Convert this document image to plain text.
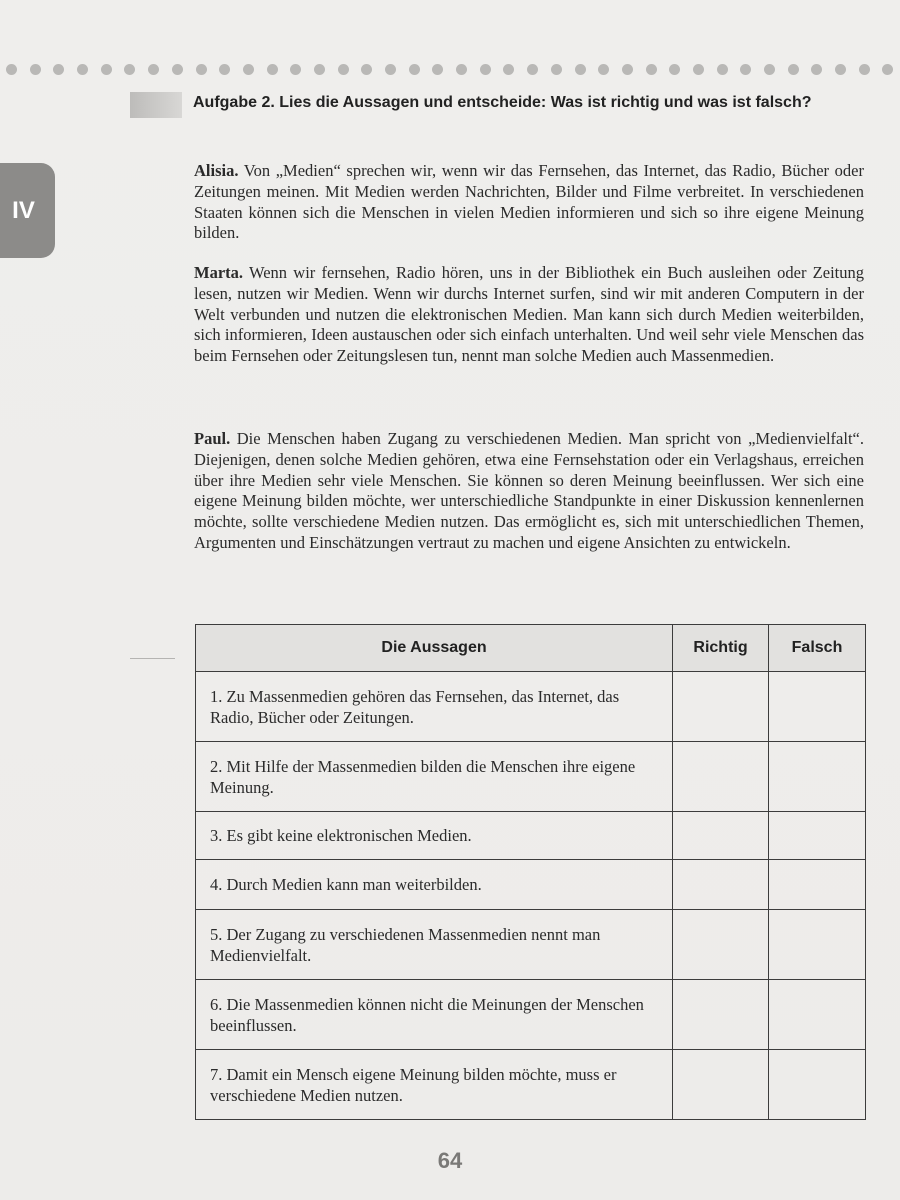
IV
Aufgabe 2. Lies die Aussagen und entscheide: Was ist richtig und was ist falsch?

Alisia. Von „Medien“ sprechen wir, wenn wir das Fernsehen, das Internet, das Radio, Bücher oder Zeitungen meinen. Mit Medien werden Nachrichten, Bilder und Filme verbreitet. In verschiedenen Staaten können sich die Menschen in vielen Medien informieren und sich so ihre eigene Meinung bilden.

Marta. Wenn wir fernsehen, Radio hören, uns in der Bibliothek ein Buch ausleihen oder Zeitung lesen, nutzen wir Medien. Wenn wir durchs Internet surfen, sind wir mit anderen Computern in der Welt verbunden und nutzen die elektronischen Medien. Man kann sich durch Medien weiterbilden, sich informieren, Ideen austauschen oder sich einfach unterhalten. Und weil sehr viele Menschen das beim Fernsehen oder Zeitungslesen tun, nennt man solche Medien auch Massenmedien.

Paul. Die Menschen haben Zugang zu verschiedenen Medien. Man spricht von „Medienvielfalt“. Diejenigen, denen solche Medien gehören, etwa eine Fernsehstation oder ein Verlagshaus, erreichen über ihre Medien sehr viele Menschen. Sie können so deren Meinung beeinflussen. Wer sich eine eigene Meinung bilden möchte, wer unterschiedliche Standpunkte in einer Diskussion kennenlernen möchte, sollte verschiedene Medien nutzen. Das ermöglicht es, sich mit unterschiedlichen Themen, Argumenten und Einschätzungen vertraut zu machen und eigene Ansichten zu entwickeln.

Die Aussagen	Richtig	Falsch
1. Zu Massenmedien gehören das Fernsehen, das Internet, das Radio, Bücher oder Zeitungen.		
2. Mit Hilfe der Massenmedien bilden die Menschen ihre eigene Meinung.		
3. Es gibt keine elektronischen Medien.		
4. Durch Medien kann man weiterbilden.		
5. Der Zugang zu verschiedenen Massenmedien nennt man Medienvielfalt.		
6. Die Massenmedien können nicht die Meinungen der Menschen beeinflussen.		
7. Damit ein Mensch eigene Meinung bilden möchte, muss er verschiedene Medien nutzen.		
64
